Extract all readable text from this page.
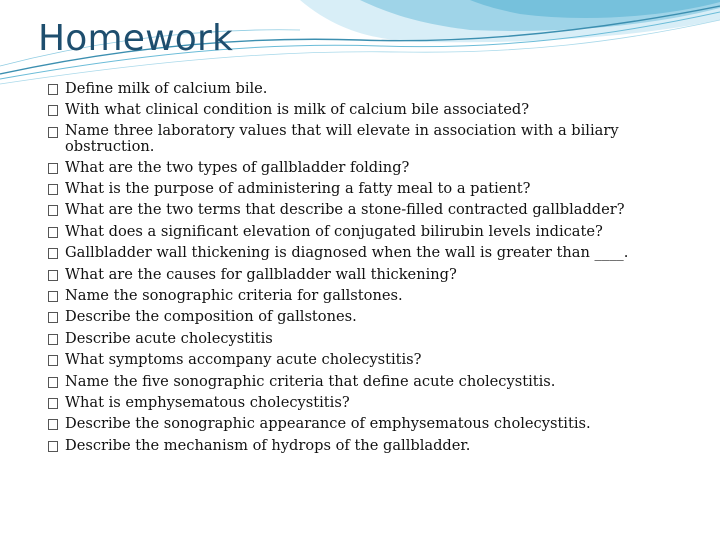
Homework
Define milk of calcium bile.
With what clinical condition is milk of calcium bile associated?
Name three laboratory values that will elevate in association with a biliary obstruction.
What are the two types of gallbladder folding?
What is the purpose of administering a fatty meal to a patient?
What are the two terms that describe a stone-filled contracted gallbladder?
What does a significant elevation of conjugated bilirubin levels indicate?
Gallbladder wall thickening is diagnosed when the wall is greater than ____.
What are the causes for gallbladder wall thickening?
Name the sonographic criteria for gallstones.
Describe the composition of gallstones.
Describe acute cholecystitis
What symptoms accompany acute cholecystitis?
Name the five sonographic criteria that define acute cholecystitis.
What is emphysematous cholecystitis?
Describe the sonographic appearance of emphysematous cholecystitis.
Describe the mechanism of hydrops of the gallbladder.
